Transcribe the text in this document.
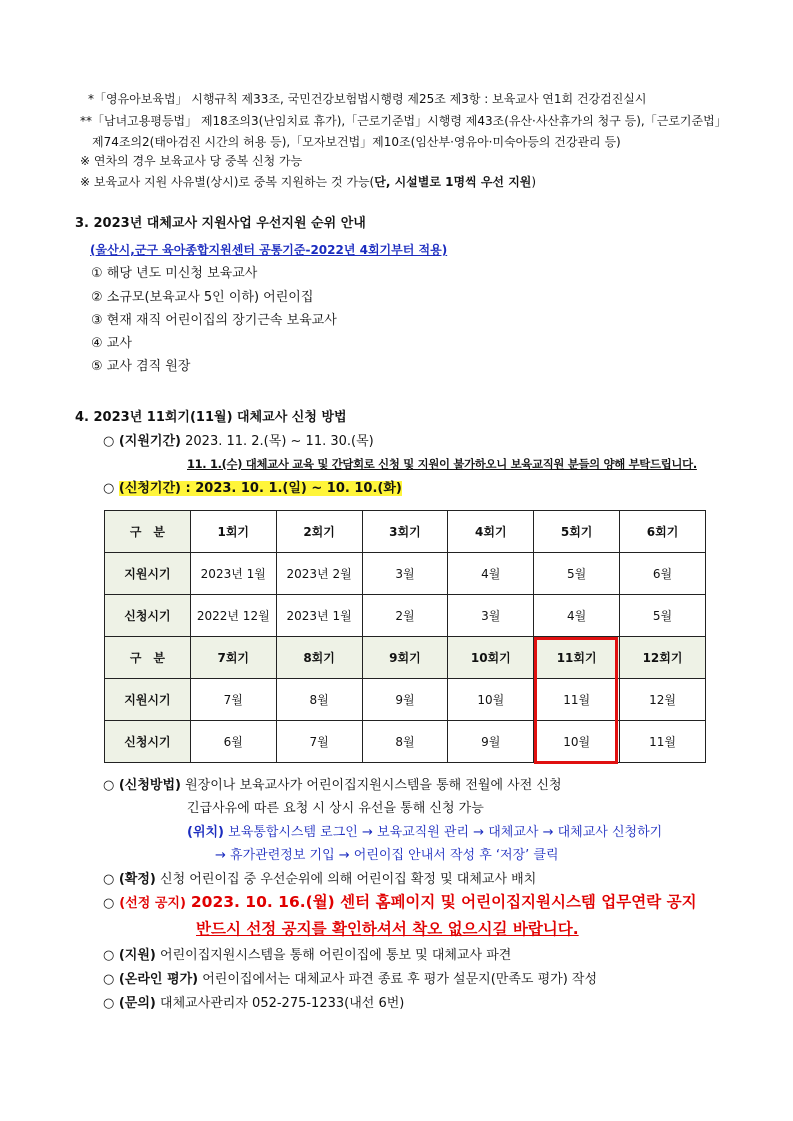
*「영유아보육법」 시행규칙 제33조, 국민건강보험법시행령 제25조 제3항 : 보육교사 연1회 건강검진실시
**「남녀고용평등법」 제18조의3(난임치료 휴가),「근로기준법」시행령 제43조(유산·사산휴가의 청구 등),「근로기준법」
제74조의2(태아검진 시간의 허용 등),「모자보건법」제10조(임산부·영유아·미숙아등의 건강관리 등)
※ 연차의 경우 보육교사 당 중복 신청 가능
※ 보육교사 지원 사유별(상시)로 중복 지원하는 것 가능(단, 시설별로 1명씩 우선 지원)
3. 2023년 대체교사 지원사업 우선지원 순위 안내
(울산시,군구 육아종합지원센터 공통기준-2022년 4회기부터 적용)
① 해당 년도 미신청 보육교사
② 소규모(보육교사 5인 이하) 어린이집
③ 현재 재직 어린이집의 장기근속 보육교사
④ 교사
⑤ 교사 겸직 원장
4. 2023년 11회기(11월) 대체교사 신청 방법
○ (지원기간) 2023. 11. 2.(목) ~ 11. 30.(목)
11. 1.(수) 대체교사 교육 및 간담회로 신청 및 지원이 불가하오니 보육교직원 분들의 양해 부탁드립니다.
○ (신청기간) : 2023. 10. 1.(일) ~ 10. 10.(화)
구　분	1회기	2회기	3회기	4회기	5회기	6회기
지원시기	2023년 1월	2023년 2월	3월	4월	5월	6월
신청시기	2022년 12월	2023년 1월	2월	3월	4월	5월
구　분	7회기	8회기	9회기	10회기	11회기	12회기
지원시기	7월	8월	9월	10월	11월	12월
신청시기	6월	7월	8월	9월	10월	11월
○ (신청방법) 원장이나 보육교사가 어린이집지원시스템을 통해 전월에 사전 신청
긴급사유에 따른 요청 시 상시 유선을 통해 신청 가능
(위치) 보육통합시스템 로그인 → 보육교직원 관리 → 대체교사 → 대체교사 신청하기
→ 휴가관련정보 기입 → 어린이집 안내서 작성 후 ‘저장’ 클릭
○ (확정) 신청 어린이집 중 우선순위에 의해 어린이집 확정 및 대체교사 배치
○ (선정 공지) 2023. 10. 16.(월) 센터 홈페이지 및 어린이집지원시스템 업무연락 공지
반드시 선정 공지를 확인하셔서 착오 없으시길 바랍니다.
○ (지원) 어린이집지원시스템을 통해 어린이집에 통보 및 대체교사 파견
○ (온라인 평가) 어린이집에서는 대체교사 파견 종료 후 평가 설문지(만족도 평가) 작성
○ (문의) 대체교사관리자 052-275-1233(내선 6번)
